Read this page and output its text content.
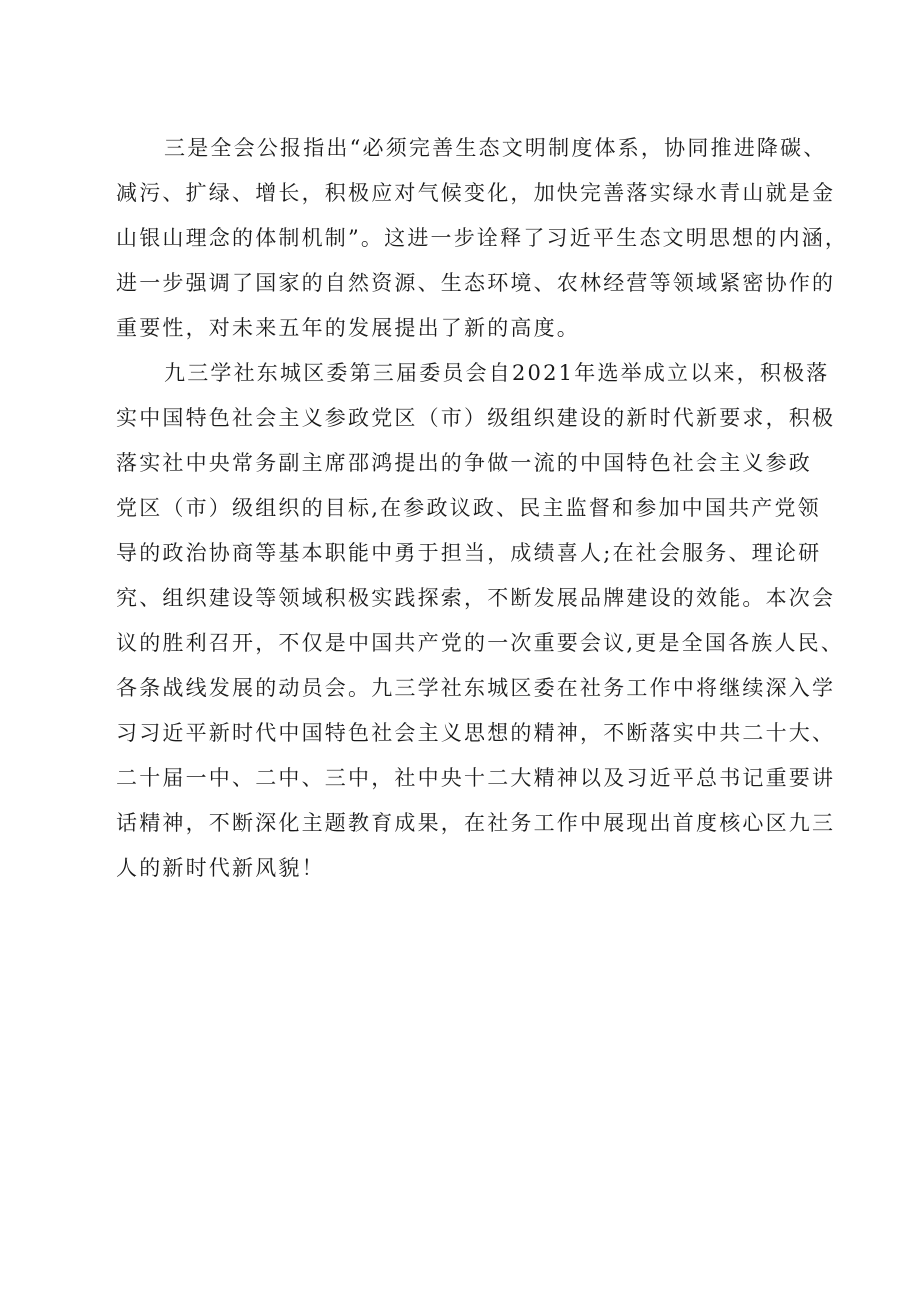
三是全会公报指出“必须完善生态文明制度体系，协同推进降碳、
减污、扩绿、增长，积极应对气候变化，加快完善落实绿水青山就是金
山银山理念的体制机制”。这进一步诠释了习近平生态文明思想的内涵，
进一步强调了国家的自然资源、生态环境、农林经营等领域紧密协作的
重要性，对未来五年的发展提出了新的高度。

九三学社东城区委第三届委员会自2021年选举成立以来，积极落
实中国特色社会主义参政党区（市）级组织建设的新时代新要求，积极
落实社中央常务副主席邵鸿提出的争做一流的中国特色社会主义参政
党区（市）级组织的目标,在参政议政、民主监督和参加中国共产党领
导的政治协商等基本职能中勇于担当，成绩喜人;在社会服务、理论研
究、组织建设等领域积极实践探索，不断发展品牌建设的效能。本次会
议的胜利召开，不仅是中国共产党的一次重要会议,更是全国各族人民、
各条战线发展的动员会。九三学社东城区委在社务工作中将继续深入学
习习近平新时代中国特色社会主义思想的精神，不断落实中共二十大、
二十届一中、二中、三中，社中央十二大精神以及习近平总书记重要讲
话精神，不断深化主题教育成果，在社务工作中展现出首度核心区九三
人的新时代新风貌！
